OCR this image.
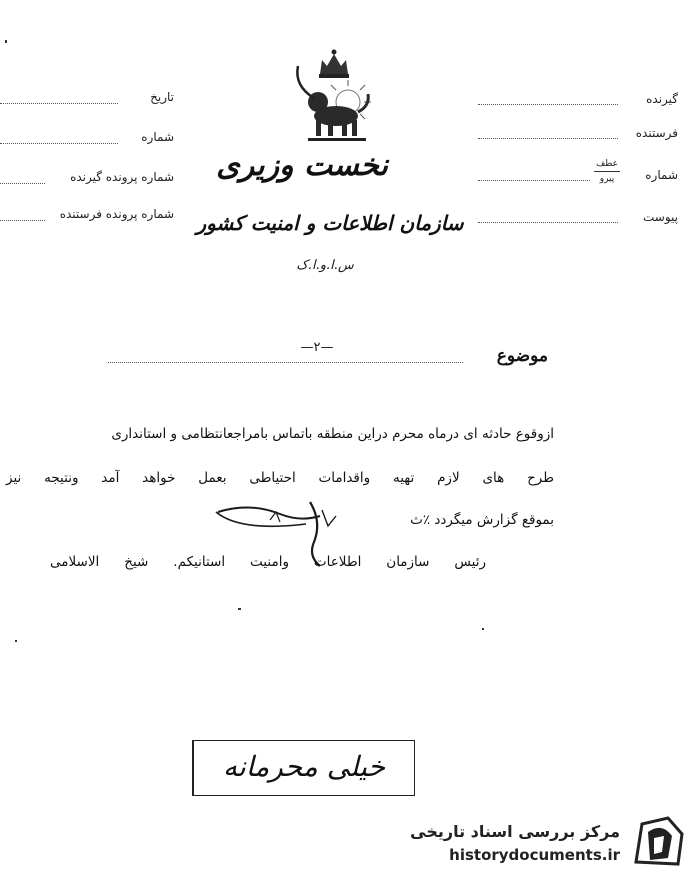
تاریخ
شماره
شماره پرونده گیرنده
شماره پرونده فرستنده
گیرنده
فرستنده
عطف
پیرو	شماره
پیوست
نخست وزیری
سازمان اطلاعات و امنیت کشور
س.ا.و.ا.ک
—۲—	موضوع
ازوقوع حادثه ای درماه محرم دراین منطقه باتماس بامراجعانتظامی و استانداری
طرح های لازم تهیه واقدامات احتیاطی بعمل خواهد آمد ونتیجه نیز
بموقع گزارش میگردد ٪ث
رئیس سازمان اطلاعات وامنیت استانیکم. شیخ الاسلامی
خیلی محرمانه
مرکز بررسی اسناد تاریخی
historydocuments.ir
